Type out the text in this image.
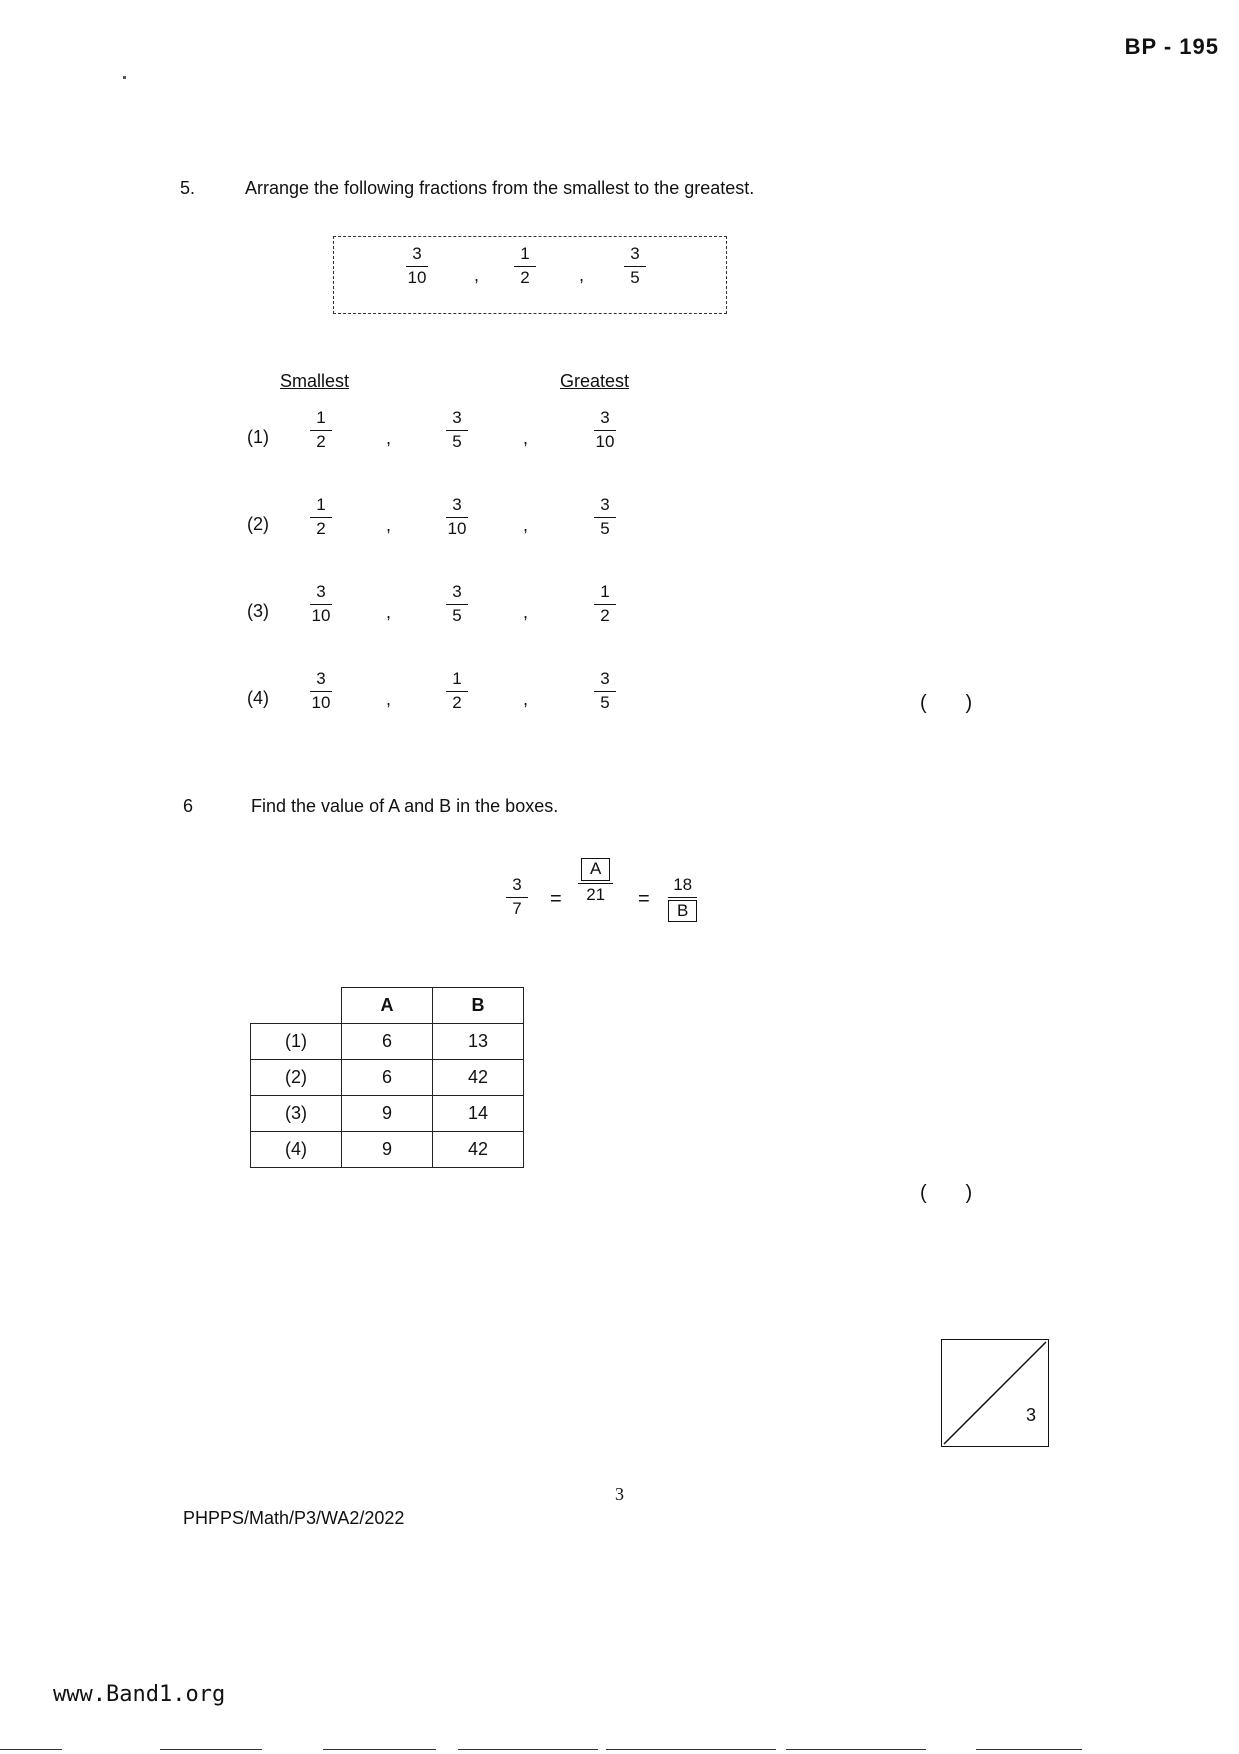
BP - 195
5.	Arrange the following fractions from the smallest to the greatest.
$\frac{3}{10}$	, $\frac{1}{2}$ , $\frac{3}{5}$
Smallest	Greatest
$(1) \frac{1}{2}$	,	$\frac{3}{5}$	,	$\frac{3}{10}$
$(2) \frac{1}{2}$	,	$\frac{3}{10}$	,	$\frac{3}{5}$
$(3) \frac{3}{10}$	,	$\frac{3}{5}$	,	$\frac{1}{2}$
$(4) \frac{3}{10}$	,	$\frac{1}{2}$	,	$\frac{3}{5}$	(       )
6	Find the value of A and B in the boxes.
$\frac{3}{7} = \frac{A}{21} = \frac{18}{B}$
	A	B
(1)	6	13
(2)	6	42
(3)	9	14
(4)	9	42
(       )
3
3
PHPPS/Math/P3/WA2/2022
www.Band1.org
